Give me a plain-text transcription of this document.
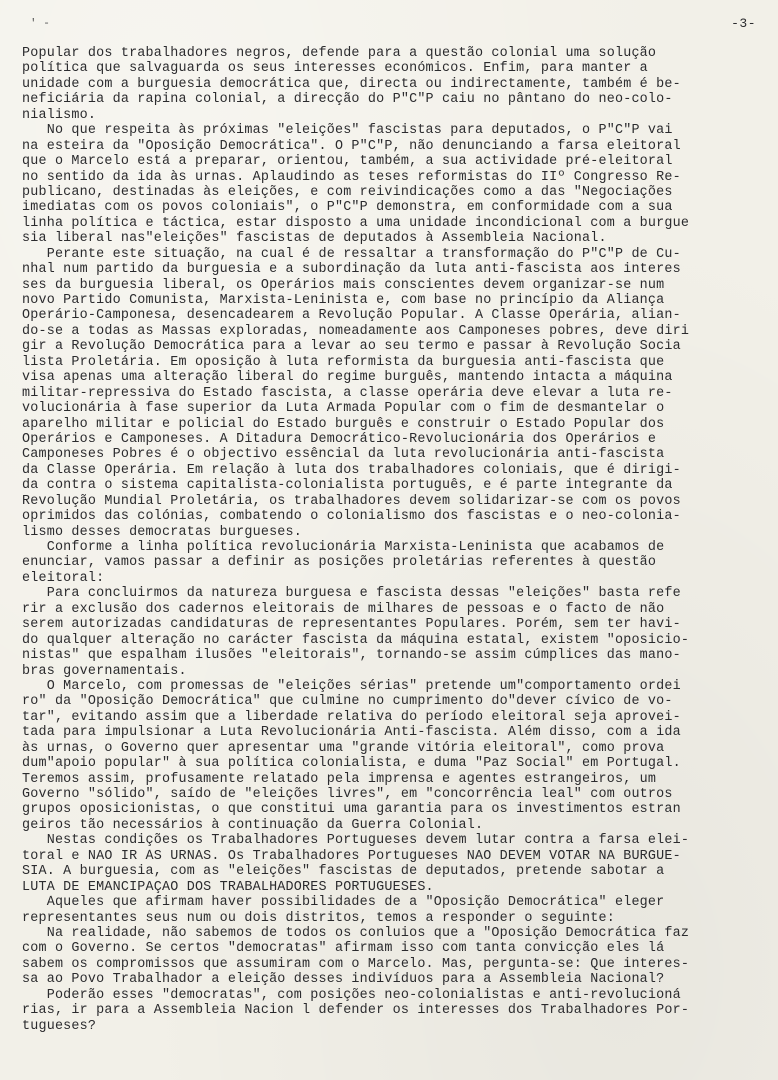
' -	-3-
Popular dos trabalhadores negros, defende para a questão colonial uma solução
política que salvaguarda os seus interesses económicos. Enfim, para manter a
unidade com a burguesia democrática que, directa ou indirectamente, também é be-
neficiária da rapina colonial, a direcção do P"C"P caiu no pântano do neo-colo-
nialismo.
No que respeita às próximas "eleições" fascistas para deputados, o P"C"P vai
na esteira da "Oposição Democrática". O P"C"P, não denunciando a farsa eleitoral
que o Marcelo está a preparar, orientou, também, a sua actividade pré-eleitoral
no sentido da ida às urnas. Aplaudindo as teses reformistas do IIº Congresso Re-
publicano, destinadas às eleições, e com reivindicações como a das "Negociações
imediatas com os povos coloniais", o P"C"P demonstra, em conformidade com a sua
linha política e táctica, estar disposto a uma unidade incondicional com a burgue
sia liberal nas"eleições" fascistas de deputados à Assembleia Nacional.
Perante este situação, na cual é de ressaltar a transformação do P"C"P de Cu-
nhal num partido da burguesia e a subordinação da luta anti-fascista aos interes
ses da burguesia liberal, os Operários mais conscientes devem organizar-se num
novo Partido Comunista, Marxista-Leninista e, com base no princípio da Aliança
Operário-Camponesa, desencadearem a Revolução Popular. A Classe Operária, alian-
do-se a todas as Massas exploradas, nomeadamente aos Camponeses pobres, deve diri
gir a Revolução Democrática para a levar ao seu termo e passar à Revolução Socia
lista Proletária. Em oposição à luta reformista da burguesia anti-fascista que
visa apenas uma alteração liberal do regime burguês, mantendo intacta a máquina
militar-repressiva do Estado fascista, a classe operária deve elevar a luta re-
volucionária à fase superior da Luta Armada Popular com o fim de desmantelar o
aparelho militar e policial do Estado burguês e construir o Estado Popular dos
Operários e Camponeses. A Ditadura Democrático-Revolucionária dos Operários e
Camponeses Pobres é o objectivo essêncial da luta revolucionária anti-fascista
da Classe Operária. Em relação à luta dos trabalhadores coloniais, que é dirigi-
da contra o sistema capitalista-colonialista português, e é parte integrante da
Revolução Mundial Proletária, os trabalhadores devem solidarizar-se com os povos
oprimidos das colónias, combatendo o colonialismo dos fascistas e o neo-coloniа-
lismo desses democratas burgueses.
Conforme a linha política revolucionária Marxista-Leninista que acabamos de
enunciar, vamos passar a definir as posições proletárias referentes à questão
eleitoral:
Para concluirmos da natureza burguesa e fascista dessas "eleições" basta refe
rir a exclusão dos cadernos eleitorais de milhares de pessoas e o facto de não
serem autorizadas candidaturas de representantes Populares. Porém, sem ter havi-
do qualquer alteração no carácter fascista da máquina estatal, existem "oposicio-
nistas" que espalham ilusões "eleitorais", tornando-se assim cúmplices das mano-
bras governamentais.
O Marcelo, com promessas de "eleições sérias" pretende um"comportamento ordei
ro" da "Oposição Democrática" que culmine no cumprimento do"dever cívico de vo-
tar", evitando assim que a liberdade relativa do período eleitoral seja aproveі-
tada para impulsionar a Luta Revolucionária Anti-fascista. Além disso, com a ida
às urnas, o Governo quer apresentar uma "grande vitória eleitoral", como prova
dum"apoio popular" à sua política colonialista, e duma "Paz Social" em Portugal.
Teremos assim, profusamente relatado pela imprensa e agentes estrangeiros, um
Governo "sólido", saído de "eleições livres", em "concorrência leal" com outros
grupos oposicionistas, o que constitui uma garantia para os investimentos estran
geiros tão necessários à continuação da Guerra Colonial.
Nestas condições os Trabalhadores Portugueses devem lutar contra a farsa elei-
toral e NÃO IR ÀS URNAS. Os Trabalhadores Portugueses NÃO DEVEM VOTAR NA BURGUE-
SIA. A burguesia, com as "eleições" fascistas de deputados, pretende sabotar a
LUTA DE EMANCIPAÇÃO DOS TRABALHADORES PORTUGUESES.
Àqueles que afirmam haver possibilidades de a "Oposição Democrática" eleger
representantes seus num ou dois distritos, temos a responder o seguinte:
Na realidade, não sabemos de todos os conluios que a "Oposição Democrática faz
com o Governo. Se certos "democratas" afirmam isso com tanta convicção eles lá
sabem os compromissos que assumiram com o Marcelo. Mas, pergunta-se: Que interes-
sa ao Povo Trabalhador a eleição desses indivíduos para a Assembleia Nacional?
Poderão esses "democratas", com posições neo-colonialistas e anti-revolucioná
rias, ir para a Assembleia Nacion l defender os interesses dos Trabalhadores Por-
tugueses?
